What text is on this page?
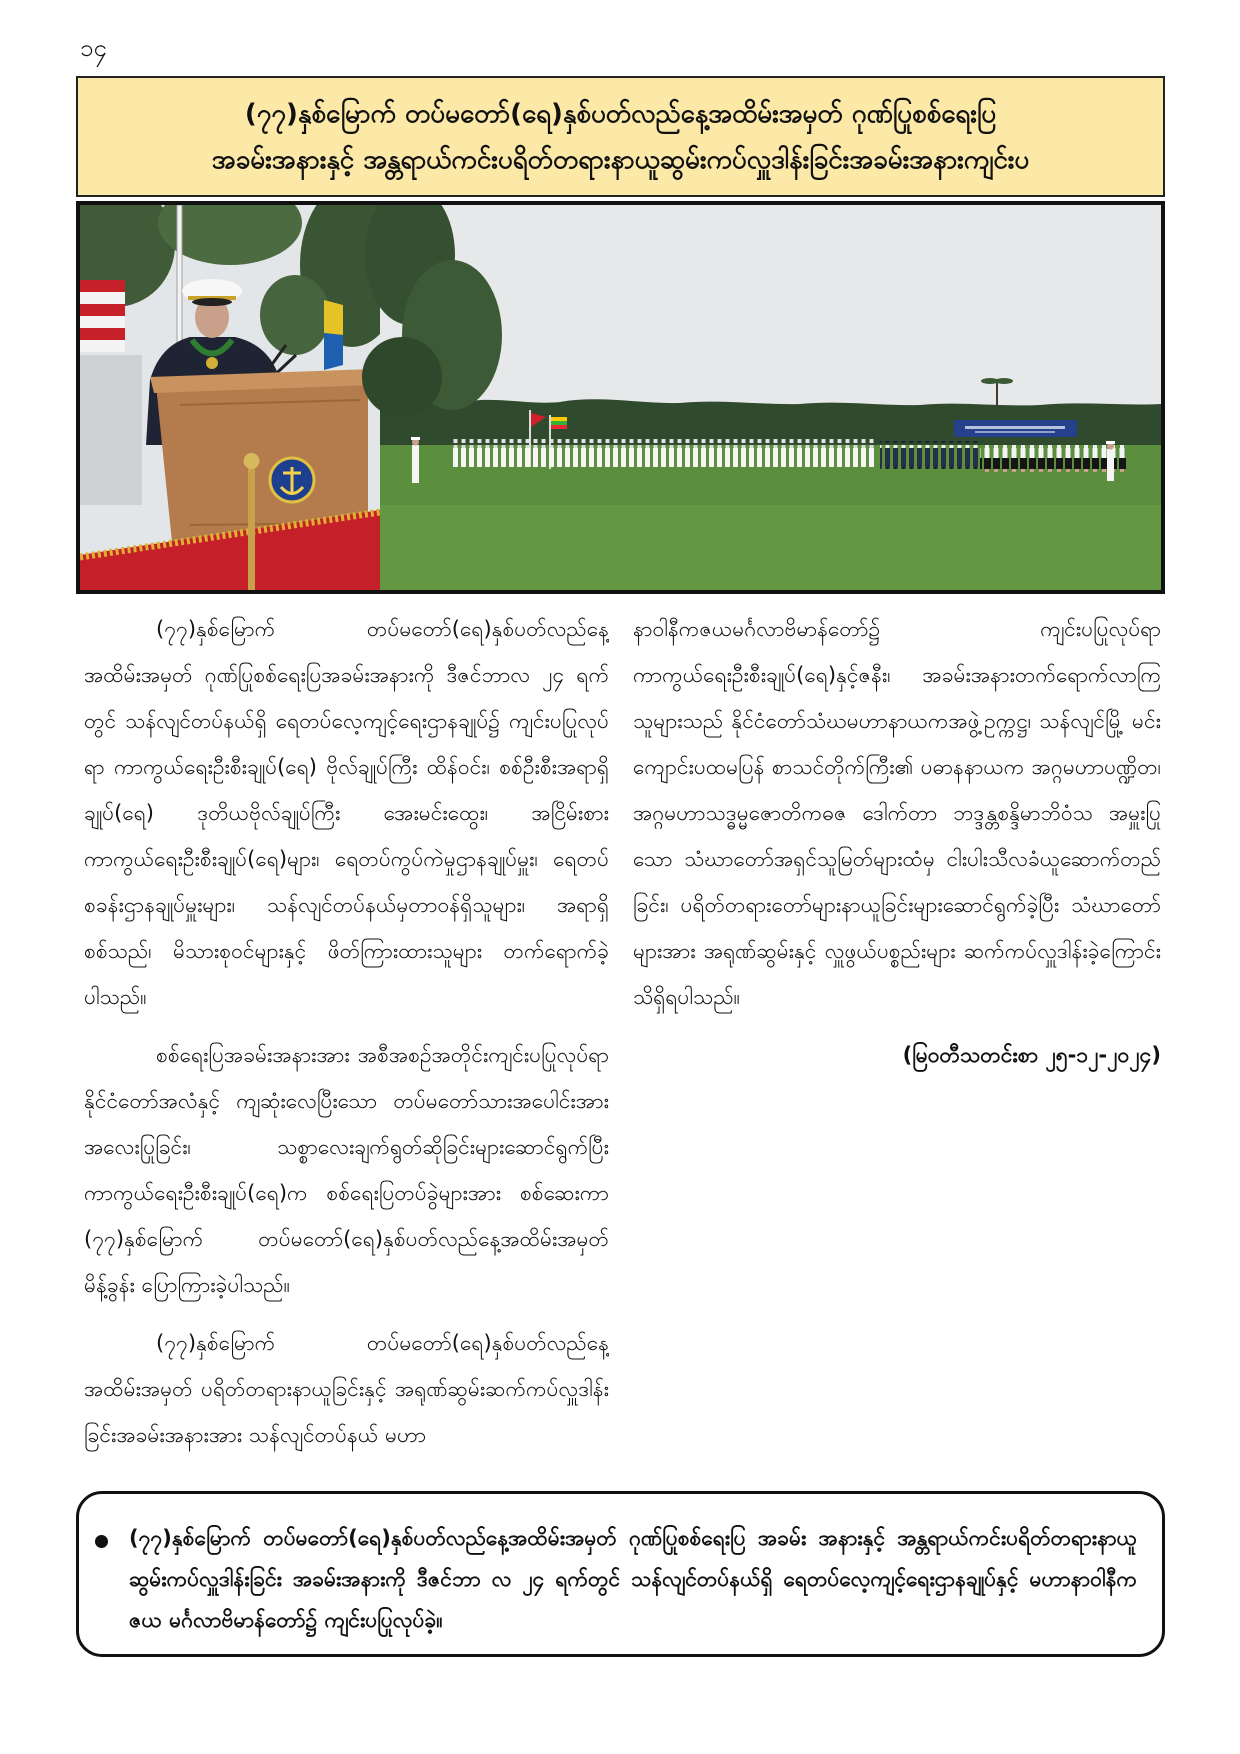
၁၄
(၇၇)နှစ်မြောက် တပ်မတော်(ရေ)နှစ်ပတ်လည်နေ့အထိမ်းအမှတ် ဂုဏ်ပြုစစ်ရေးပြ
အခမ်းအနားနှင့် အန္တရာယ်ကင်းပရိတ်တရားနာယူဆွမ်းကပ်လှူဒါန်းခြင်းအခမ်းအနားကျင်းပ

(၇၇)နှစ်မြောက် တပ်မတော်(ရေ)နှစ်ပတ်လည်နေ့အထိမ်းအမှတ် ဂုဏ်ပြုစစ်ရေးပြအခမ်းအနားကို ဒီဇင်ဘာလ ၂၄ ရက်တွင် သန်လျင်တပ်နယ်ရှိ ရေတပ်လေ့ကျင့်ရေးဌာနချုပ်၌ ကျင်းပပြုလုပ်ရာ ကာကွယ်ရေးဦးစီးချုပ်(ရေ) ဗိုလ်ချုပ်ကြီး ထိန်ဝင်း၊ စစ်ဦးစီးအရာရှိချုပ်(ရေ) ဒုတိယဗိုလ်ချုပ်ကြီး အေးမင်းထွေး၊ အငြိမ်းစားကာကွယ်ရေးဦးစီးချုပ်(ရေ)များ၊ ရေတပ်ကွပ်ကဲမှုဌာနချုပ်မှူး၊ ရေတပ်စခန်းဌာနချုပ်မှူးများ၊ သန်လျင်တပ်နယ်မှတာဝန်ရှိသူများ၊ အရာရှိစစ်သည်၊ မိသားစုဝင်များနှင့် ဖိတ်ကြားထားသူများ တက်ရောက်ခဲ့ပါသည်။

စစ်ရေးပြအခမ်းအနားအား အစီအစဉ်အတိုင်းကျင်းပပြုလုပ်ရာ နိုင်ငံတော်အလံနှင့် ကျဆုံးလေပြီးသော တပ်မတော်သားအပေါင်းအားအလေးပြုခြင်း၊ သစ္စာလေးချက်ရွတ်ဆိုခြင်းများဆောင်ရွက်ပြီး ကာကွယ်ရေးဦးစီးချုပ်(ရေ)က စစ်ရေးပြတပ်ခွဲများအား စစ်ဆေးကာ (၇၇)နှစ်မြောက် တပ်မတော်(ရေ)နှစ်ပတ်လည်နေ့အထိမ်းအမှတ်မိန့်ခွန်း ပြောကြားခဲ့ပါသည်။

(၇၇)နှစ်မြောက် တပ်မတော်(ရေ)နှစ်ပတ်လည်နေ့အထိမ်းအမှတ် ပရိတ်တရားနာယူခြင်းနှင့် အရုဏ်ဆွမ်းဆက်ကပ်လှူဒါန်းခြင်းအခမ်းအနားအား သန်လျင်တပ်နယ် မဟာ

နာဝါနီကဇယမင်္ဂလာဗိမာန်တော်၌ ကျင်းပပြုလုပ်ရာ ကာကွယ်ရေးဦးစီးချုပ်(ရေ)နှင့်ဇနီး၊ အခမ်းအနားတက်ရောက်လာကြသူများသည် နိုင်ငံတော်သံဃမဟာနာယကအဖွဲ့ဥက္ကဋ္ဌ၊ သန်လျင်မြို့ မင်းကျောင်းပထမပြန် စာသင်တိုက်ကြီး၏ ပဓာနနာယက အဂ္ဂမဟာပဏ္ဍိတ၊ အဂ္ဂမဟာသဒ္ဓမ္မဇောတိကဓဇ ဒေါက်တာ ဘဒ္ဒန္တစန္ဒိမာဘိဝံသ အမှူးပြုသော သံဃာတော်အရှင်သူမြတ်များထံမှ ငါးပါးသီလခံယူဆောက်တည်ခြင်း၊ ပရိတ်တရားတော်များနာယူခြင်းများဆောင်ရွက်ခဲ့ပြီး သံဃာတော်များအား အရုဏ်ဆွမ်းနှင့် လှူဖွယ်ပစ္စည်းများ ဆက်ကပ်လှူဒါန်းခဲ့ကြောင်း သိရှိရပါသည်။

(မြဝတီသတင်းစာ ၂၅-၁၂-၂၀၂၄)
(၇၇)နှစ်မြောက် တပ်မတော်(ရေ)နှစ်ပတ်လည်နေ့အထိမ်းအမှတ် ဂုဏ်ပြုစစ်ရေးပြ အခမ်း အနားနှင့် အန္တရာယ်ကင်းပရိတ်တရားနာယူ ဆွမ်းကပ်လှူဒါန်းခြင်း အခမ်းအနားကို ဒီဇင်ဘာ လ ၂၄ ရက်တွင် သန်လျင်တပ်နယ်ရှိ ရေတပ်လေ့ကျင့်ရေးဌာနချုပ်နှင့် မဟာနာဝါနီကဇယ မင်္ဂလာဗိမာန်တော်၌ ကျင်းပပြုလုပ်ခဲ့။
